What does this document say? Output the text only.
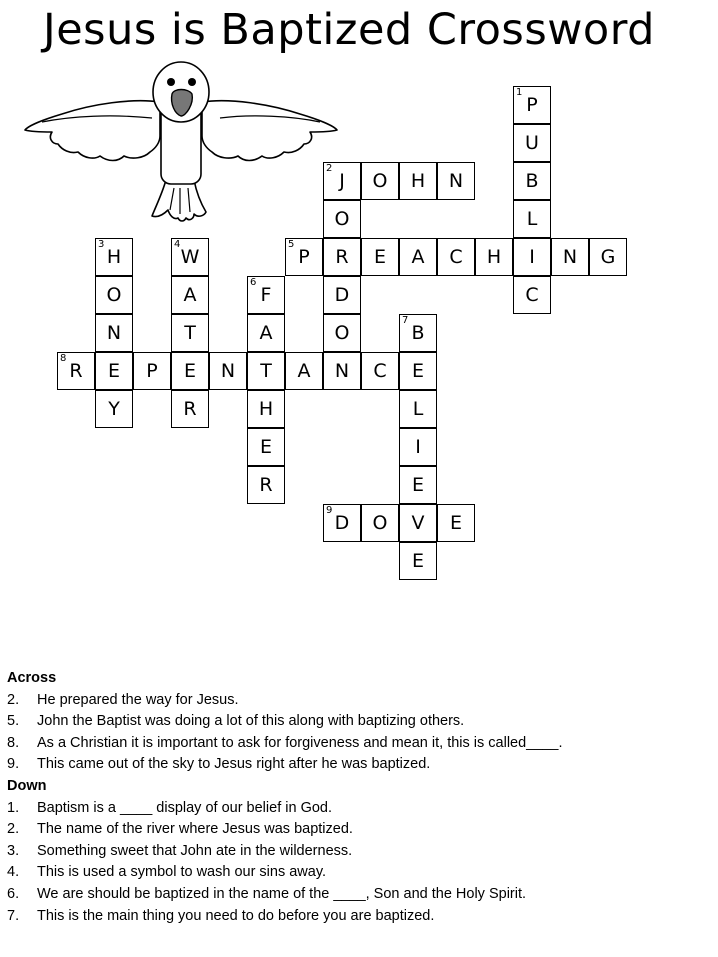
Jesus is Baptized Crossword
1
P
U
B
L
I
C
2
J	O	H	N
O
R
D
O
N
3
H
O
N
E
Y
4
W
A
T
E
R
5
P	E	A	C	H	N	G
6
F
A
T
H
E
R
7
B
E
L
I
E
V
E
8
R	P	N	A	C
9
D	O	E
Across
2. He prepared the way for Jesus.
5. John the Baptist was doing a lot of this along with baptizing others.
8. As a Christian it is important to ask for forgiveness and mean it, this is called____.
9. This came out of the sky to Jesus right after he was baptized.
Down
1. Baptism is a ____ display of our belief in God.
2. The name of the river where Jesus was baptized.
3. Something sweet that John ate in the wilderness.
4. This is used a symbol to wash our sins away.
6. We are should be baptized in the name of the ____, Son and the Holy Spirit.
7. This is the main thing you need to do before you are baptized.
